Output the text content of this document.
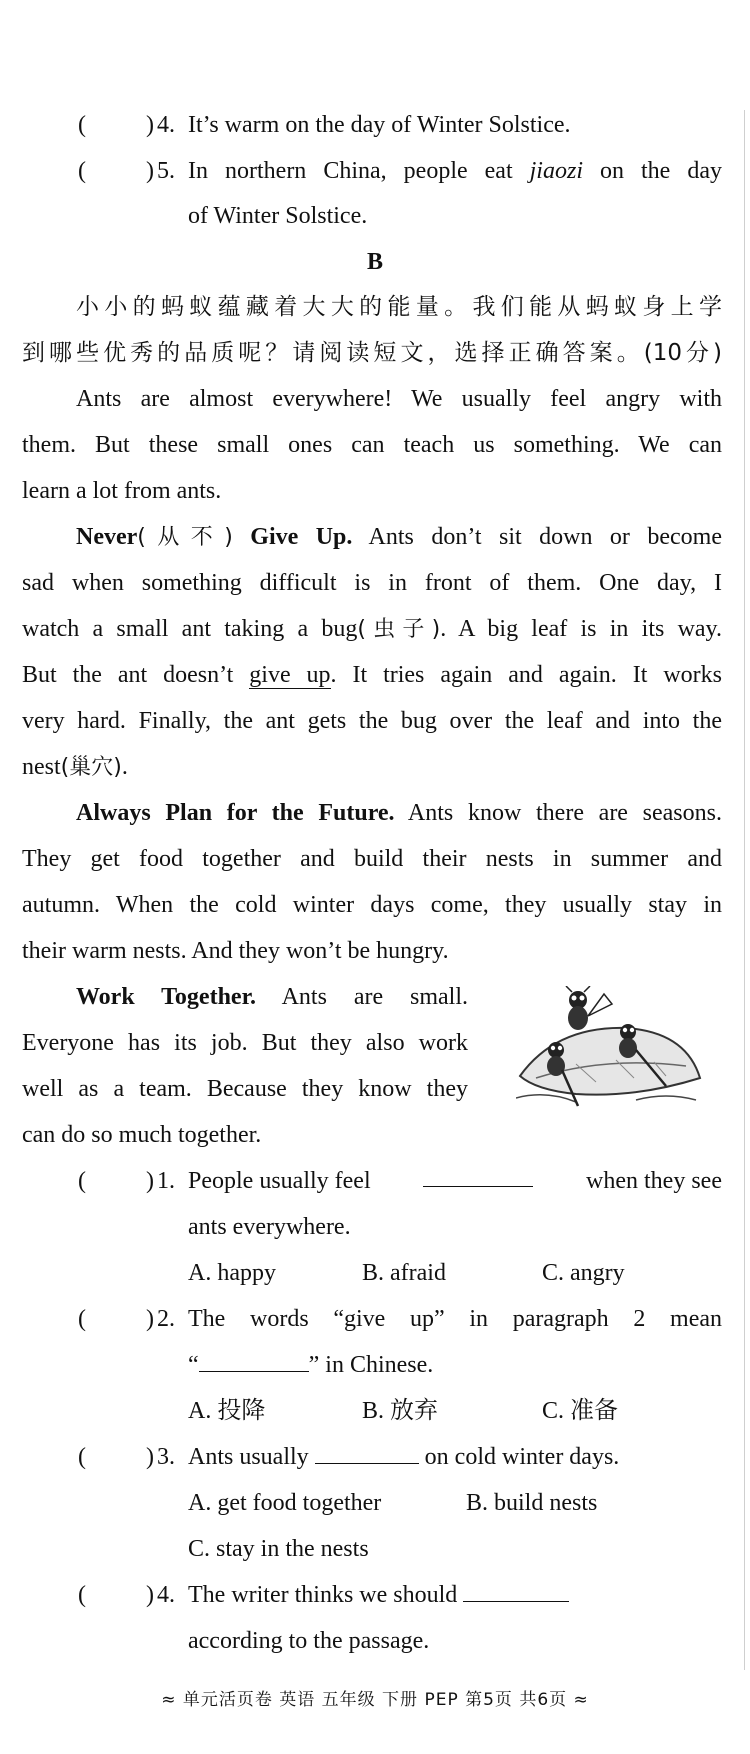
(	) 4. It’s warm on the day of Winter Solstice.
(	) 5. In northern China, people eat jiaozi on the day
of Winter Solstice.
B
小小的蚂蚁蕴藏着大大的能量。我们能从蚂蚁身上学
到哪些优秀的品质呢？请阅读短文，选择正确答案。(10分)
Ants are almost everywhere! We usually feel angry with
them. But these small ones can teach us something. We can
learn a lot from ants.
Never(从不) Give Up. Ants don’t sit down or become
sad when something difficult is in front of them. One day, I
watch a small ant taking a bug(虫子). A big leaf is in its way.
But the ant doesn’t give up. It tries again and again. It works
very hard. Finally, the ant gets the bug over the leaf and into the
nest(巢穴).
Always Plan for the Future. Ants know there are seasons.
They get food together and build their nests in summer and
autumn. When the cold winter days come, they usually stay in
their warm nests. And they won’t be hungry.
Work Together. Ants are small.
Everyone has its job. But they also work
well as a team. Because they know they
can do so much together.
(	) 1. People usually feel	when they see
ants everywhere.
A. happy	B. afraid	C. angry
(	) 2. The words “give up” in paragraph 2 mean
“	” in Chinese.
A. 投降	B. 放弃	C. 准备
(	) 3. Ants usually	on cold winter days.
A. get food together	B. build nests
C. stay in the nests
(	) 4. The writer thinks we should
according to the passage.
≈ 单元活页卷 英语 五年级 下册 PEP 第5页 共6页 ≈
